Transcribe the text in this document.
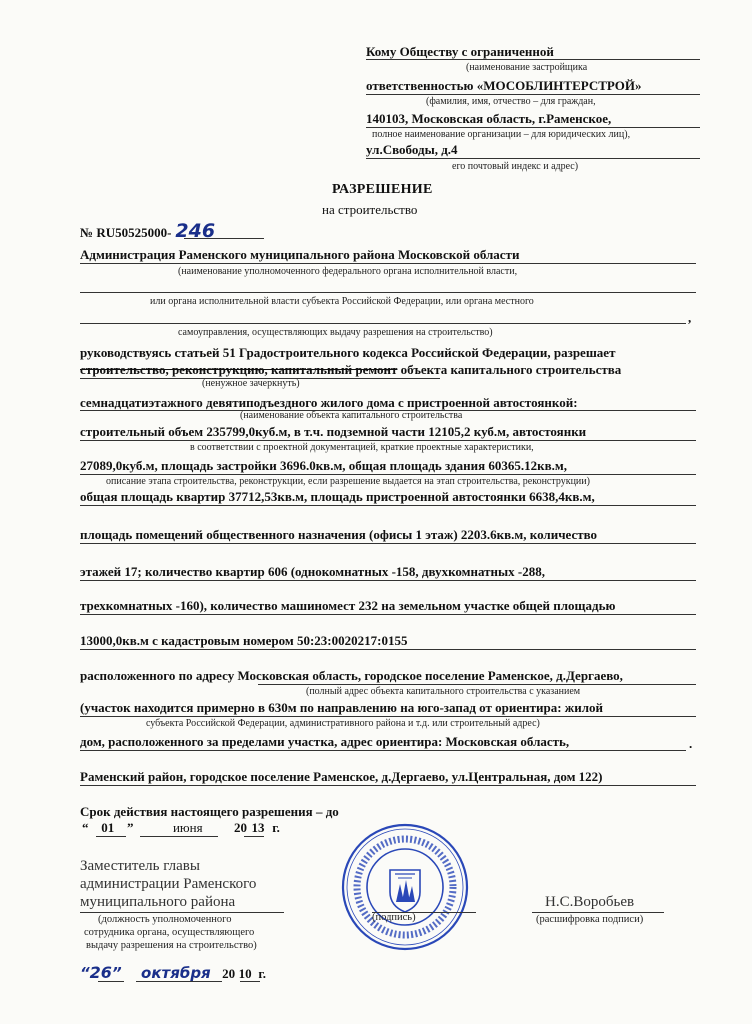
Кому Обществу с ограниченной
(наименование застройщика
ответственностью «МОСОБЛИНТЕРСТРОЙ»
(фамилия, имя, отчество – для граждан,
140103, Московская область, г.Раменское,
полное наименование организации – для юридических лиц),
ул.Свободы, д.4
его почтовый индекс и адрес)
РАЗРЕШЕНИЕ
на строительство
№ RU50525000- 246
Администрация Раменского муниципального района Московской области
(наименование уполномоченного федерального органа исполнительной власти,
или органа исполнительной власти субъекта Российской Федерации, или органа местного
,
самоуправления, осуществляющих выдачу разрешения на строительство)
руководствуясь статьей 51 Градостроительного кодекса Российской Федерации, разрешает
строительство, реконструкцию, капитальный ремонт объекта капитального строительства
(ненужное зачеркнуть)
семнадцатиэтажного девятиподъездного жилого дома с пристроенной автостоянкой:
(наименование объекта капитального строительства
строительный объем 235799,0куб.м, в т.ч. подземной части 12105,2 куб.м, автостоянки
в соответствии с проектной документацией, краткие проектные характеристики,
27089,0куб.м, площадь застройки 3696.0кв.м, общая площадь здания 60365.12кв.м,
описание этапа строительства, реконструкции, если разрешение выдается на этап строительства, реконструкции)
общая площадь квартир 37712,53кв.м, площадь пристроенной автостоянки 6638,4кв.м,
площадь помещений общественного назначения (офисы 1 этаж) 2203.6кв.м, количество
этажей 17; количество квартир 606 (однокомнатных -158, двухкомнатных -288,
трехкомнатных -160), количество машиномест 232 на земельном участке общей площадью
13000,0кв.м с кадастровым номером 50:23:0020217:0155
расположенного по адресу Московская область, городское поселение Раменское, д.Дергаево,
(полный адрес объекта капитального строительства с указанием
(участок находится примерно в 630м по направлению на юго-запад от ориентира: жилой
субъекта Российской Федерации, административного района и т.д. или строительный адрес)
дом, расположенного за пределами участка, адрес ориентира: Московская область,	.
Раменский район, городское поселение Раменское, д.Дергаево, ул.Центральная, дом 122)
Срок действия настоящего разрешения – до
“ 01 ”	июня 20 13 г.
Заместитель главы
администрации Раменского
муниципального района
(должность уполномоченного
сотрудника органа, осуществляющего
выдачу разрешения на строительство)
(подпись)
Н.С.Воробьев
(расшифровка подписи)
“26” октября 20 10 г.
